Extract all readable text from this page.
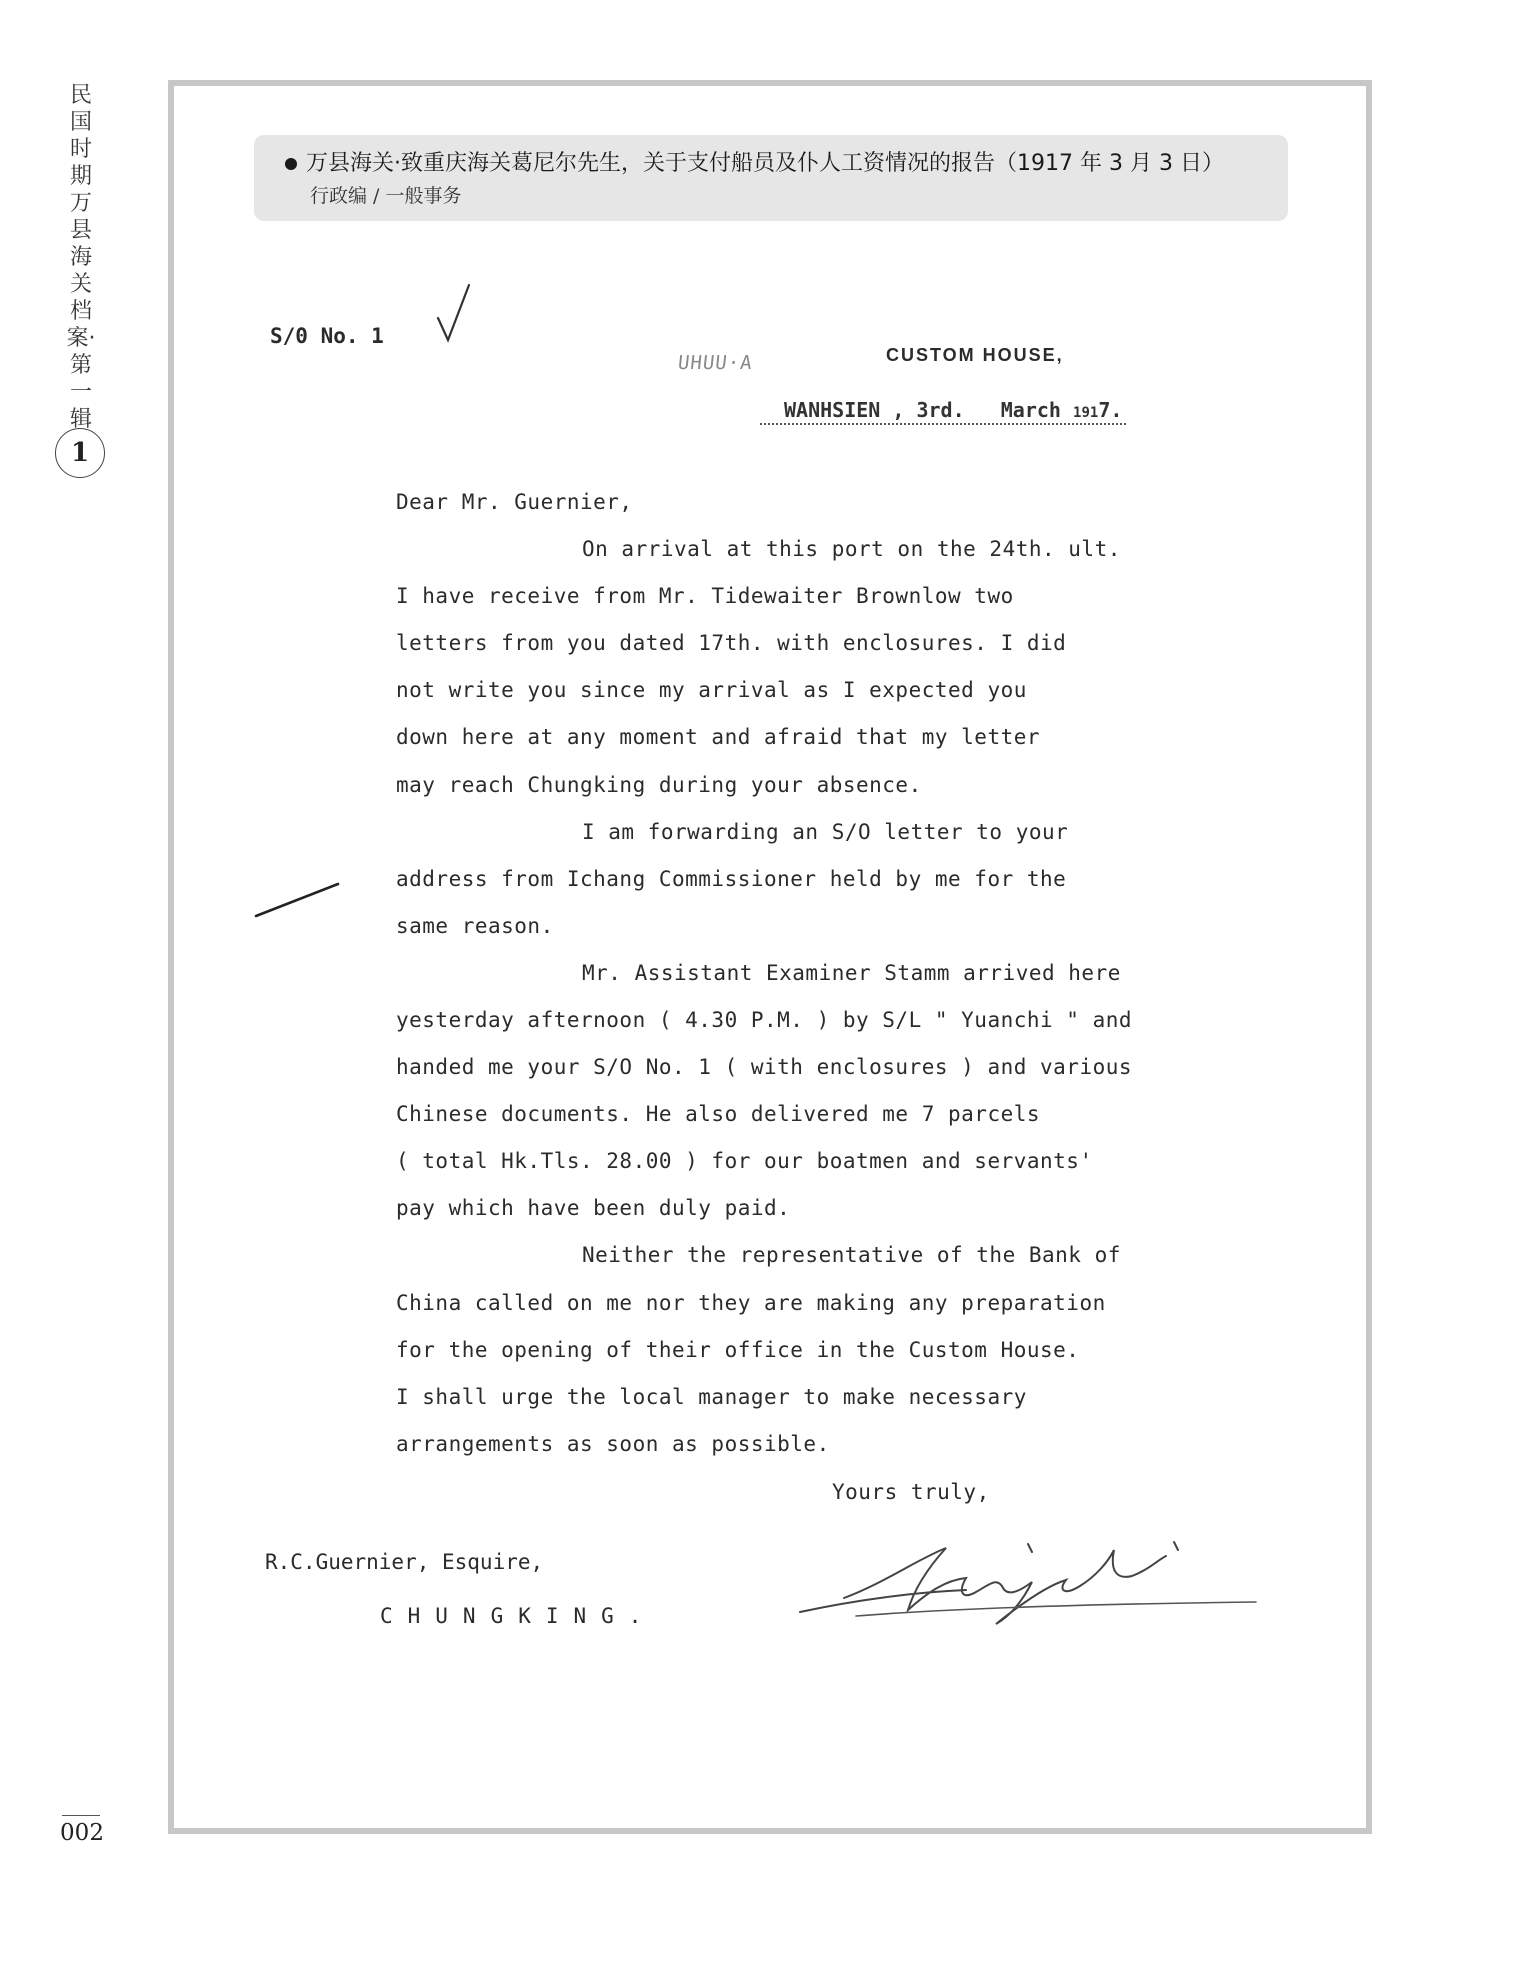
民国时期万县海关档案·第一辑
1
002
万县海关·致重庆海关葛尼尔先生，关于支付船员及仆人工资情况的报告（1917 年 3 月 3 日）
行政编 / 一般事务
S/0 No. 1
UHUU·A	CUSTOM HOUSE,
WANHSIEN , 3rd. March 1917.
Dear Mr. Guernier,
On arrival at this port on the 24th. ult.
I have receive from Mr. Tidewaiter Brownlow two
letters from you dated 17th. with enclosures. I did
not write you since my arrival as I expected you
down here at any moment and afraid that my letter
may reach Chungking during your absence.
I am forwarding an S/O letter to your
address from Ichang Commissioner held by me for the
same reason.
Mr. Assistant Examiner Stamm arrived here
yesterday afternoon ( 4.30 P.M. ) by S/L " Yuanchi " and
handed me your S/O No. 1 ( with enclosures ) and various
Chinese documents. He also delivered me 7 parcels
( total Hk.Tls. 28.00 ) for our boatmen and servants'
pay which have been duly paid.
Neither the representative of the Bank of
China called on me nor they are making any preparation
for the opening of their office in the Custom House.
I shall urge the local manager to make necessary
arrangements as soon as possible.
Yours truly,
R.C.Guernier, Esquire,
CHUNGKING.
